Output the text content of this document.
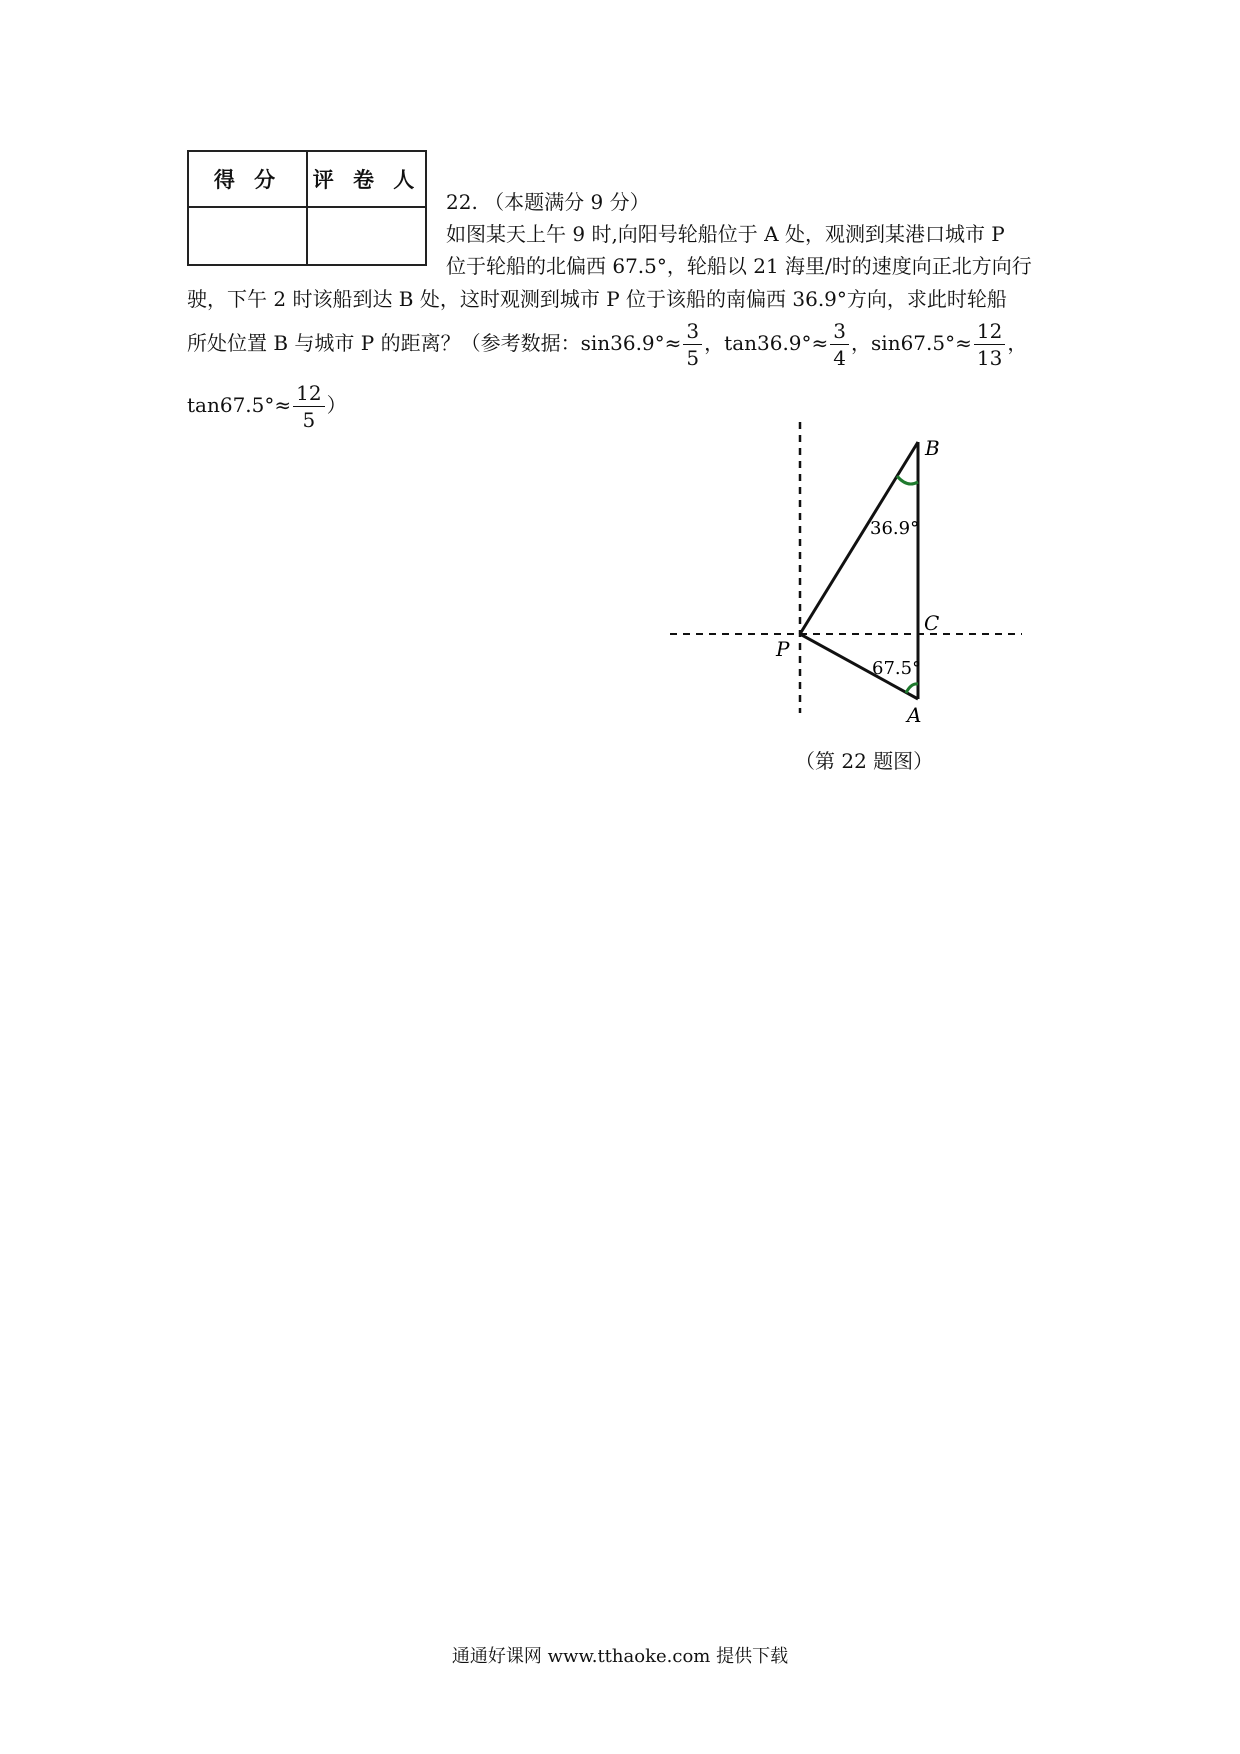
得 分	评 卷 人

22. （本题满分 9 分）
如图某天上午 9 时,向阳号轮船位于 A 处，观测到某港口城市 P
位于轮船的北偏西 67.5°，轮船以 21 海里/时的速度向正北方向行
驶，下午 2 时该船到达 B 处，这时观测到城市 P 位于该船的南偏西 36.9°方向，求此时轮船
所处位置 B 与城市 P 的距离？（参考数据：$\sin 36.9^\circ\approx \frac{3}{5}$ ，$\tan 36.9^\circ\approx \frac{3}{4}$ ，$\sin 67.5^\circ\approx \frac{12}{13}$ ，
$\tan 67.5^\circ\approx \frac{12}{5}$ ）
B
C
P
A
36.9°
67.5°
（第 22 题图）
通通好课网 www.tthaoke.com 提供下载
